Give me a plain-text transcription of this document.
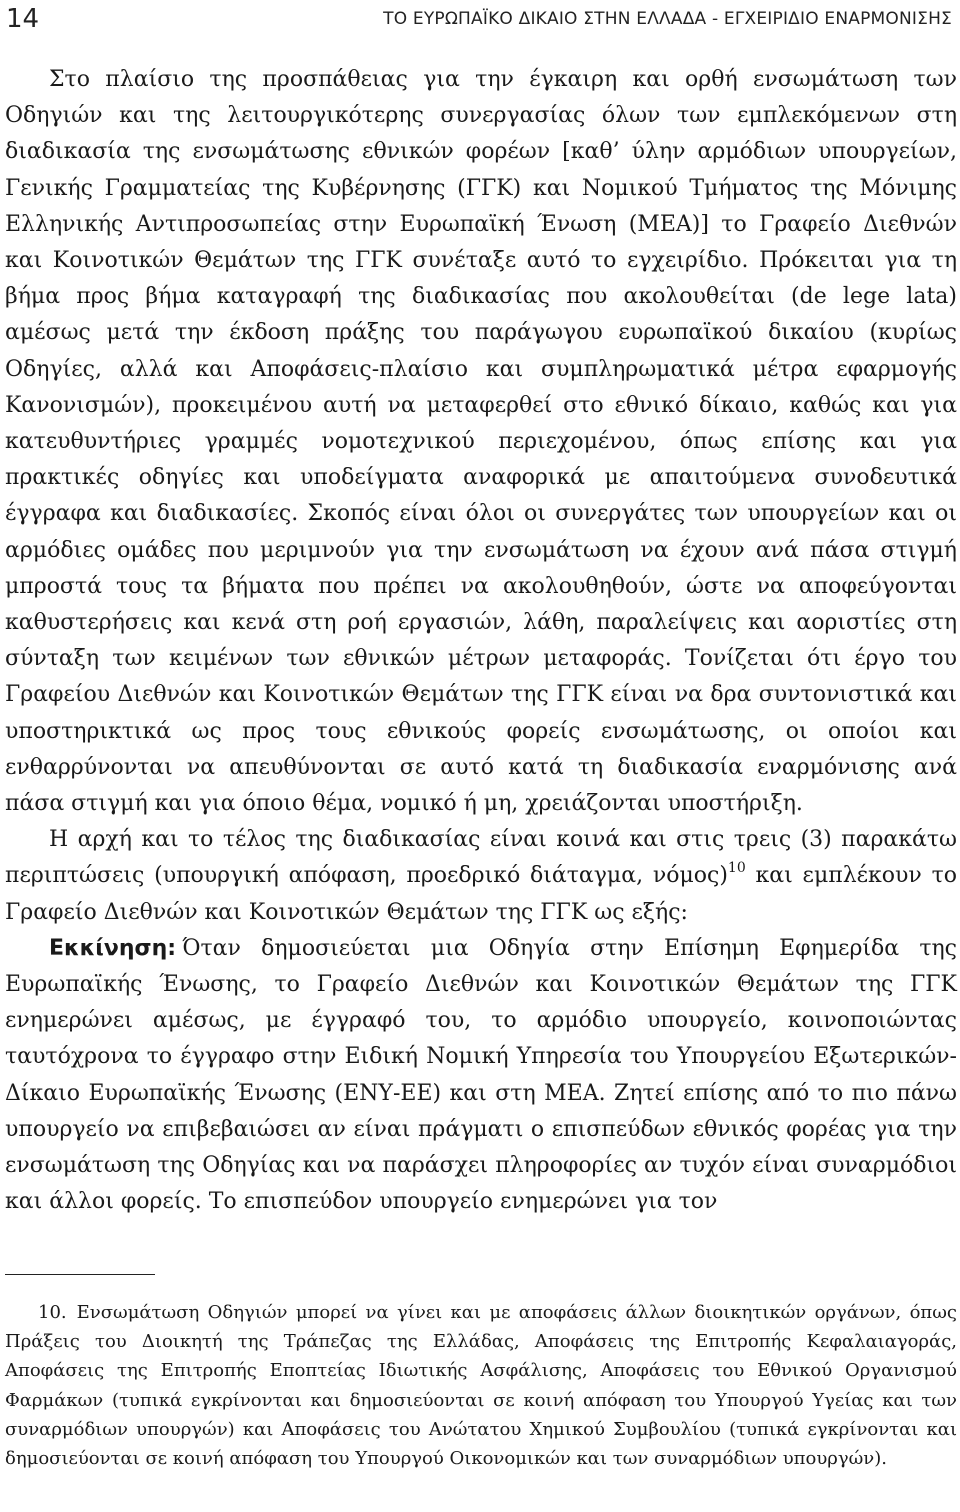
14	ΤΟ ΕΥΡΩΠΑΪΚΟ ΔΙΚΑΙΟ ΣΤΗΝ ΕΛΛΑΔΑ - ΕΓΧΕΙΡΙΔΙΟ ΕΝΑΡΜΟΝΙΣΗΣ

Στο πλαίσιο της προσπάθειας για την έγκαιρη και ορθή ενσωμάτωση των Οδηγιών και της λειτουργικότερης συνεργασίας όλων των εμπλεκόμενων στη διαδικασία της ενσωμάτωσης εθνικών φορέων [καθ’ ύλην αρμόδιων υπουργείων, Γενικής Γραμματείας της Κυβέρνησης (ΓΓΚ) και Νομικού Τμήματος της Μόνιμης Ελληνικής Αντιπροσωπείας στην Ευρωπαϊκή Ένωση (ΜΕΑ)] το Γραφείο Διεθνών και Κοινοτικών Θεμάτων της ΓΓΚ συνέταξε αυτό το εγχειρίδιο. Πρόκειται για τη βήμα προς βήμα καταγραφή της διαδικασίας που ακολουθείται (de lege lata) αμέσως μετά την έκδοση πράξης του παράγωγου ευρωπαϊκού δικαίου (κυρίως Οδηγίες, αλλά και Αποφάσεις-πλαίσιο και συμπληρωματικά μέτρα εφαρμογής Κανονισμών), προκειμένου αυτή να μεταφερθεί στο εθνικό δίκαιο, καθώς και για κατευθυντήριες γραμμές νομοτεχνικού περιεχομένου, όπως επίσης και για πρακτικές οδηγίες και υποδείγματα αναφορικά με απαιτούμενα συνοδευτικά έγγραφα και διαδικασίες. Σκοπός είναι όλοι οι συνεργάτες των υπουργείων και οι αρμόδιες ομάδες που μεριμνούν για την ενσωμάτωση να έχουν ανά πάσα στιγμή μπροστά τους τα βήματα που πρέπει να ακολουθηθούν, ώστε να αποφεύγονται καθυστερήσεις και κενά στη ροή εργασιών, λάθη, παραλείψεις και αοριστίες στη σύνταξη των κειμένων των εθνικών μέτρων μεταφοράς. Τονίζεται ότι έργο του Γραφείου Διεθνών και Κοινοτικών Θεμάτων της ΓΓΚ είναι να δρα συντονιστικά και υποστηρικτικά ως προς τους εθνικούς φορείς ενσωμάτωσης, οι οποίοι και ενθαρρύνονται να απευθύνονται σε αυτό κατά τη διαδικασία εναρμόνισης ανά πάσα στιγμή και για όποιο θέμα, νομικό ή μη, χρειάζονται υποστήριξη.

Η αρχή και το τέλος της διαδικασίας είναι κοινά και στις τρεις (3) παρακάτω περιπτώσεις (υπουργική απόφαση, προεδρικό διάταγμα, νόμος)$^{10}$ και εμπλέκουν το Γραφείο Διεθνών και Κοινοτικών Θεμάτων της ΓΓΚ ως εξής:

Εκκίνηση: Όταν δημοσιεύεται μια Οδηγία στην Επίσημη Εφημερίδα της Ευρωπαϊκής Ένωσης, το Γραφείο Διεθνών και Κοινοτικών Θεμάτων της ΓΓΚ ενημερώνει αμέσως, με έγγραφό του, το αρμόδιο υπουργείο, κοινοποιώντας ταυτόχρονα το έγγραφο στην Ειδική Νομική Υπηρεσία του Υπουργείου Εξωτερικών-Δίκαιο Ευρωπαϊκής Ένωσης (ΕΝΥ-ΕΕ) και στη ΜΕΑ. Ζητεί επίσης από το πιο πάνω υπουργείο να επιβεβαιώσει αν είναι πράγματι ο επισπεύδων εθνικός φορέας για την ενσωμάτωση της Οδηγίας και να παράσχει πληροφορίες αν τυχόν είναι συναρμόδιοι και άλλοι φορείς. Το επισπεύδον υπουργείο ενημερώνει για τον

10. Ενσωμάτωση Οδηγιών μπορεί να γίνει και με αποφάσεις άλλων διοικητικών οργάνων, όπως Πράξεις του Διοικητή της Τράπεζας της Ελλάδας, Αποφάσεις της Επιτροπής Κεφαλαιαγοράς, Αποφάσεις της Επιτροπής Εποπτείας Ιδιωτικής Ασφάλισης, Αποφάσεις του Εθνικού Οργανισμού Φαρμάκων (τυπικά εγκρίνονται και δημοσιεύονται σε κοινή απόφαση του Υπουργού Υγείας και των συναρμόδιων υπουργών) και Αποφάσεις του Ανώτατου Χημικού Συμβουλίου (τυπικά εγκρίνονται και δημοσιεύονται σε κοινή απόφαση του Υπουργού Οικονομικών και των συναρμόδιων υπουργών).
